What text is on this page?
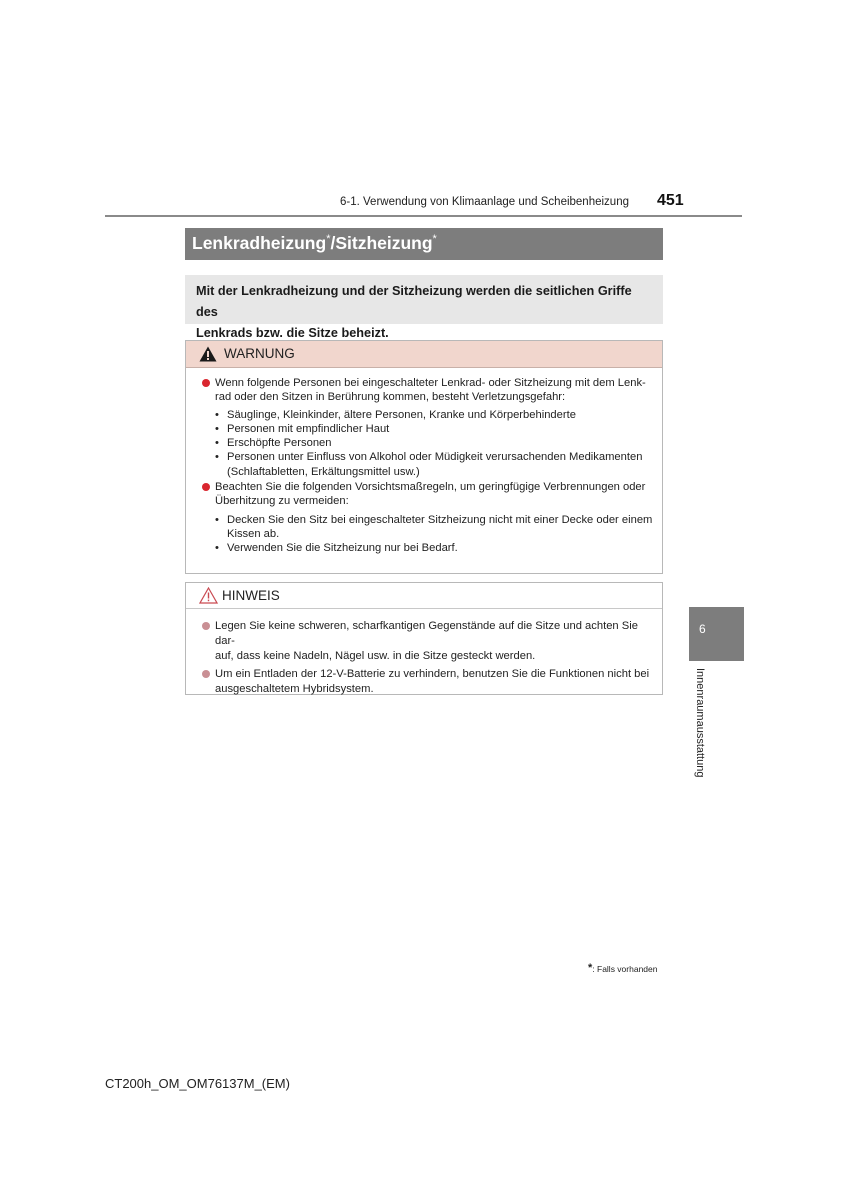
6-1. Verwendung von Klimaanlage und Scheibenheizung 451
Lenkradheizung*/Sitzheizung*
Mit der Lenkradheizung und der Sitzheizung werden die seitlichen Griffe des
Lenkrads bzw. die Sitze beheizt.
WARNUNG
Wenn folgende Personen bei eingeschalteter Lenkrad- oder Sitzheizung mit dem Lenk-
rad oder den Sitzen in Berührung kommen, besteht Verletzungsgefahr:
• Säuglinge, Kleinkinder, ältere Personen, Kranke und Körperbehinderte
• Personen mit empfindlicher Haut
• Erschöpfte Personen
• Personen unter Einfluss von Alkohol oder Müdigkeit verursachenden Medikamenten
(Schlaftabletten, Erkältungsmittel usw.)
Beachten Sie die folgenden Vorsichtsmaßregeln, um geringfügige Verbrennungen oder
Überhitzung zu vermeiden:
• Decken Sie den Sitz bei eingeschalteter Sitzheizung nicht mit einer Decke oder einem
Kissen ab.
• Verwenden Sie die Sitzheizung nur bei Bedarf.
HINWEIS
Legen Sie keine schweren, scharfkantigen Gegenstände auf die Sitze und achten Sie dar-
auf, dass keine Nadeln, Nägel usw. in die Sitze gesteckt werden.
Um ein Entladen der 12-V-Batterie zu verhindern, benutzen Sie die Funktionen nicht bei
ausgeschaltetem Hybridsystem.
6
Innenraumausstattung
*: Falls vorhanden
CT200h_OM_OM76137M_(EM)
